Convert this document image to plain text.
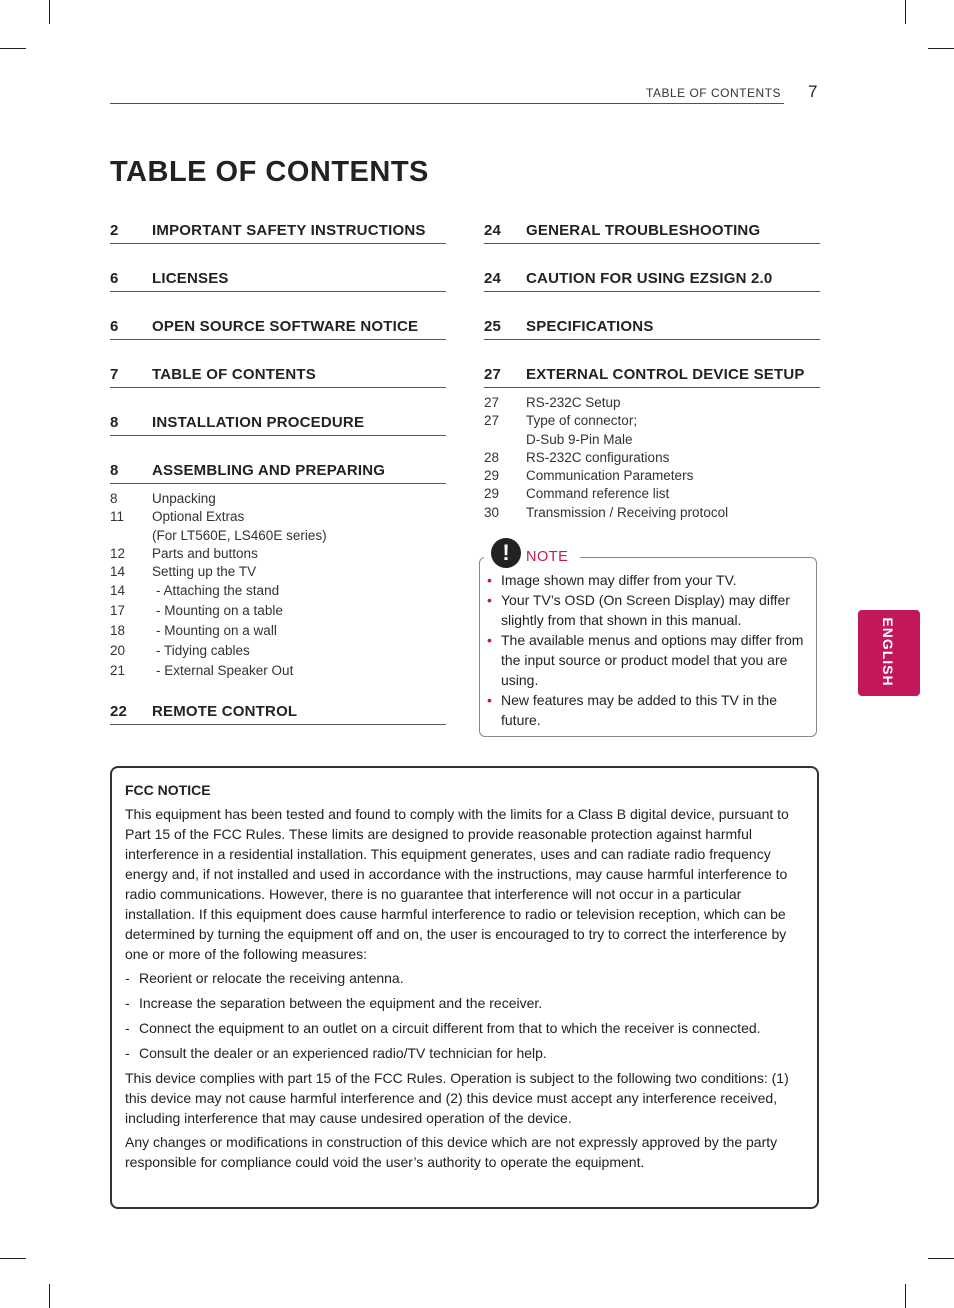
TABLE OF CONTENTS 7
TABLE OF CONTENTS
2	IMPORTANT SAFETY INSTRUCTIONS
6	LICENSES
6	OPEN SOURCE SOFTWARE NOTICE
7	TABLE OF CONTENTS
8	INSTALLATION PROCEDURE
8	ASSEMBLING AND PREPARING
8	Unpacking
11	Optional Extras
(For LT560E, LS460E series)
12	Parts and buttons
14	Setting up the TV
14	- Attaching the stand
17	- Mounting on a table
18	- Mounting on a wall
20	- Tidying cables
21	- External Speaker Out
22	REMOTE CONTROL
24	GENERAL TROUBLESHOOTING
24	CAUTION FOR USING EZSIGN 2.0
25	SPECIFICATIONS
27	EXTERNAL CONTROL DEVICE SETUP
27	RS-232C Setup
27	Type of connector;
D-Sub 9-Pin Male
28	RS-232C configurations
29	Communication Parameters
29	Command reference list
30	Transmission / Receiving protocol
!	NOTE
• Image shown may differ from your TV.
• Your TV’s OSD (On Screen Display) may differ slightly from that shown in this manual.
• The available menus and options may differ from the input source or product model that you are using.
• New features may be added to this TV in the future.
ENGLISH
FCC NOTICE

This equipment has been tested and found to comply with the limits for a Class B digital device, pursuant to Part 15 of the FCC Rules. These limits are designed to provide reasonable protection against harmful interference in a residential installation. This equipment generates, uses and can radiate radio frequency energy and, if not installed and used in accordance with the instructions, may cause harmful interference to radio communications. However, there is no guarantee that interference will not occur in a particular installation. If this equipment does cause harmful interference to radio or television reception, which can be determined by turning the equipment off and on, the user is encouraged to try to correct the interference by one or more of the following measures:

- Reorient or relocate the receiving antenna.
- Increase the separation between the equipment and the receiver.
- Connect the equipment to an outlet on a circuit different from that to which the receiver is connected.
- Consult the dealer or an experienced radio/TV technician for help.

This device complies with part 15 of the FCC Rules. Operation is subject to the following two conditions: (1) this device may not cause harmful interference and (2) this device must accept any interference received, including interference that may cause undesired operation of the device.

Any changes or modifications in construction of this device which are not expressly approved by the party responsible for compliance could void the user’s authority to operate the equipment.
